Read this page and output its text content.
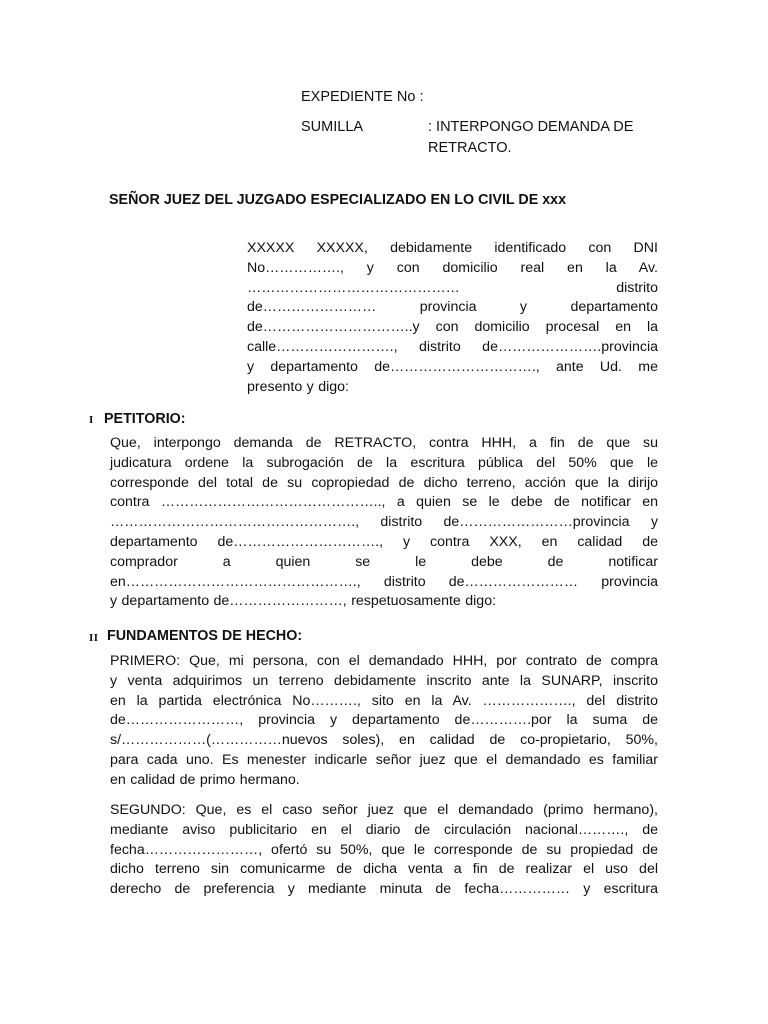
EXPEDIENTE No :
SUMILLA	: INTERPONGO DEMANDA DE
RETRACTO.
SEÑOR JUEZ DEL JUZGADO ESPECIALIZADO EN LO CIVIL DE xxx
XXXXX XXXXX, debidamente identificado con DNI
No……………., y con domicilio real en la Av.
……………………………………… distrito
de…………………… provincia y departamento
de…………………………..y con domicilio procesal en la
calle……………………., distrito de………………….provincia
y departamento de…………………………., ante Ud. me
presento y digo:
I PETITORIO:
Que, interpongo demanda de RETRACTO, contra HHH, a fin de que su
judicatura ordene la subrogación de la escritura pública del 50% que le
corresponde del total de su copropiedad de dicho terreno, acción que la dirijo
contra ……………………………………….., a quien se le debe de notificar en
……………………………………………., distrito de……………………provincia y
departamento de…………………………., y contra XXX, en calidad de
comprador a quien se le debe de notificar
en…………………………………………., distrito de…………………… provincia
y departamento de……………………, respetuosamente digo:
II FUNDAMENTOS DE HECHO:
PRIMERO: Que, mi persona, con el demandado HHH, por contrato de compra
y venta adquirimos un terreno debidamente inscrito ante la SUNARP, inscrito
en la partida electrónica No………., sito en la Av. ………………., del distrito
de……………………, provincia y departamento de………….por la suma de
s/………………(……………nuevos soles), en calidad de co-propietario, 50%,
para cada uno. Es menester indicarle señor juez que el demandado es familiar
en calidad de primo hermano.
SEGUNDO: Que, es el caso señor juez que el demandado (primo hermano),
mediante aviso publicitario en el diario de circulación nacional………., de
fecha……………………, ofertó su 50%, que le corresponde de su propiedad de
dicho terreno sin comunicarme de dicha venta a fin de realizar el uso del
derecho de preferencia y mediante minuta de fecha…………… y escritura
